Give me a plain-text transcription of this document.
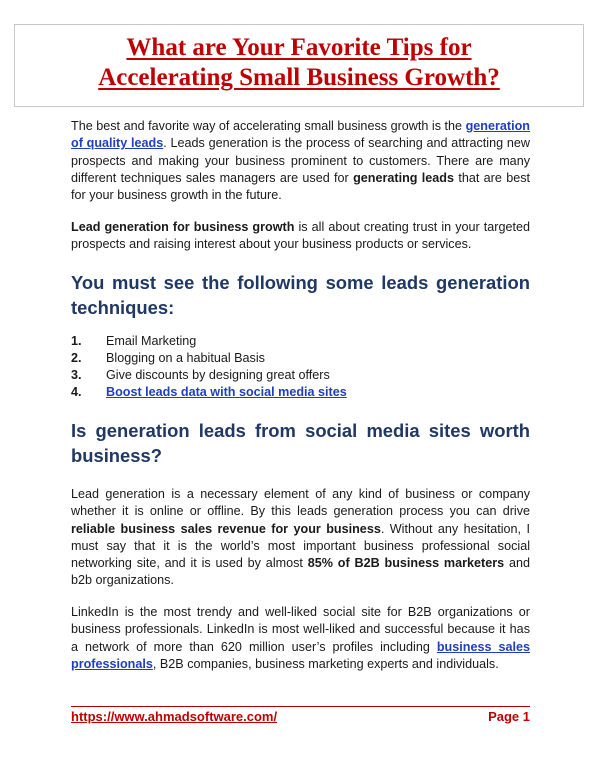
What are Your Favorite Tips for
Accelerating Small Business Growth?

The best and favorite way of accelerating small business growth is the generation of quality leads. Leads generation is the process of searching and attracting new prospects and making your business prominent to customers. There are many different techniques sales managers are used for generating leads that are best for your business growth in the future.

Lead generation for business growth is all about creating trust in your targeted prospects and raising interest about your business products or services.

You must see the following some leads generation techniques:
1. Email Marketing
2. Blogging on a habitual Basis
3. Give discounts by designing great offers
4. Boost leads data with social media sites
Is generation leads from social media sites worth business?

Lead generation is a necessary element of any kind of business or company whether it is online or offline. By this leads generation process you can drive reliable business sales revenue for your business. Without any hesitation, I must say that it is the world’s most important business professional social networking site, and it is used by almost 85% of B2B business marketers and b2b organizations.

LinkedIn is the most trendy and well-liked social site for B2B organizations or business professionals. LinkedIn is most well-liked and successful because it has a network of more than 620 million user’s profiles including business sales professionals, B2B companies, business marketing experts and individuals.

https://www.ahmadsoftware.com/	Page 1
